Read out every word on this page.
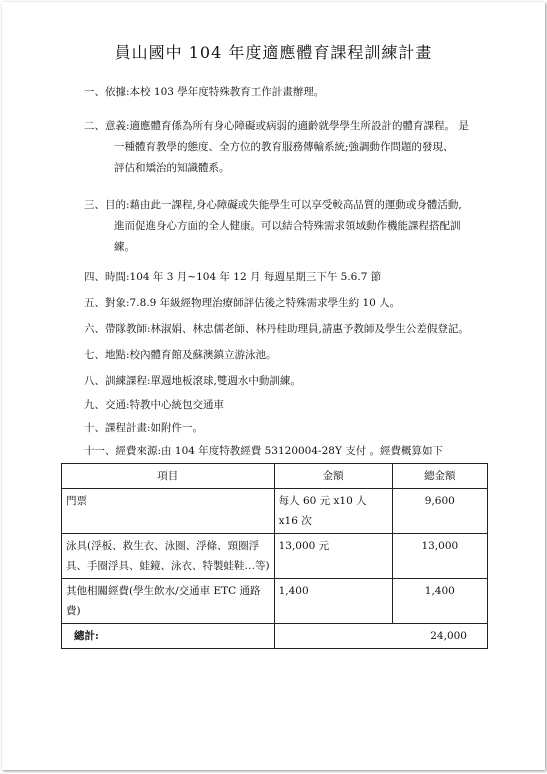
員山國中 104 年度適應體育課程訓練計畫
一、依據:本校 103 學年度特殊教育工作計畫辦理。
二、意義:適應體育係為所有身心障礙或病弱的適齡就學學生所設計的體育課程。 是
一種體育教學的態度、全方位的教育服務傳輸系統;強調動作問題的發現、
評估和矯治的知識體系。
三、目的:藉由此一課程,身心障礙或失能學生可以享受較高品質的運動或身體活動,
進而促進身心方面的全人健康。可以結合特殊需求領域動作機能課程搭配訓
練。
四、時間:104 年 3 月~104 年 12 月 每週星期三下午 5.6.7 節
五、對象:7.8.9 年級經物理治療師評估後之特殊需求學生約 10 人。
六、帶隊教師:林淑娟、林忠儒老師、林丹桂助理員,請惠予教師及學生公差假登記。
七、地點:校內體育館及蘇澳鎮立游泳池。
八、訓練課程:單週地板滾球,雙週水中動訓練。
九、交通:特教中心統包交通車
十、課程計畫:如附件一。
十一、經費來源:由 104 年度特教經費 53120004-28Y 支付 。經費概算如下
項目	金額	總金額
門票	每人 60 元 x10 人 x16 次	9,600
泳具(浮板、救生衣、泳圈、浮條、頸圈浮具、手圈浮具、蛙鏡、泳衣、特製蛙鞋…等)	13,000 元	13,000
其他相關經費(學生飲水/交通車 ETC 通路費)	1,400	1,400
總計:	24,000	
